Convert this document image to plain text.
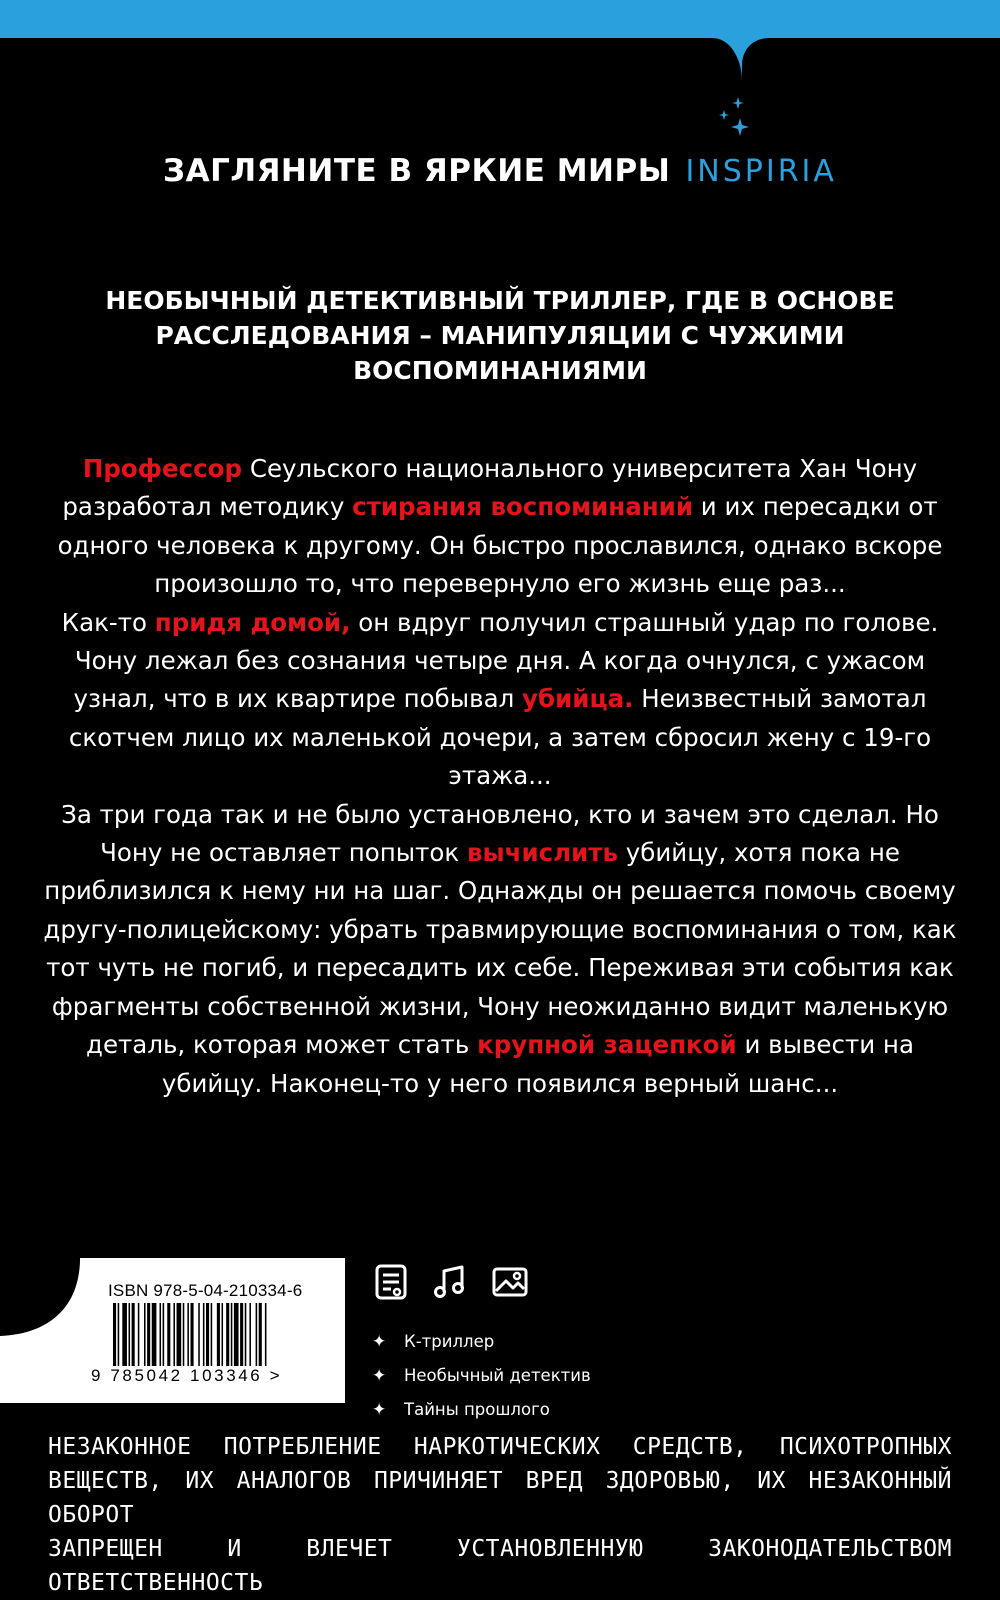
ЗАГЛЯНИТЕ В ЯРКИЕ МИРЫ INSPIRIA
НЕОБЫЧНЫЙ ДЕТЕКТИВНЫЙ ТРИЛЛЕР, ГДЕ В ОСНОВЕ РАССЛЕДОВАНИЯ – МАНИПУЛЯЦИИ С ЧУЖИМИ ВОСПОМИНАНИЯМИ
Профессор Сеульского национального университета Хан Чону разработал методику стирания воспоминаний и их пересадки от одного человека к другому. Он быстро прославился, однако вскоре произошло то, что перевернуло его жизнь еще раз...
Как-то придя домой, он вдруг получил страшный удар по голове. Чону лежал без сознания четыре дня. А когда очнулся, с ужасом узнал, что в их квартире побывал убийца. Неизвестный замотал скотчем лицо их маленькой дочери, а затем сбросил жену с 19-го этажа...
За три года так и не было установлено, кто и зачем это сделал. Но Чону не оставляет попыток вычислить убийцу, хотя пока не приблизился к нему ни на шаг. Однажды он решается помочь своему другу-полицейскому: убрать травмирующие воспоминания о том, как тот чуть не погиб, и пересадить их себе. Переживая эти события как фрагменты собственной жизни, Чону неожиданно видит маленькую деталь, которая может стать крупной зацепкой и вывести на убийцу. Наконец-то у него появился верный шанс...
ISBN 978-5-04-210334-6
9 785042 103346 >
✦ К-триллер
✦ Необычный детектив
✦ Тайны прошлого
НЕЗАКОННОЕ ПОТРЕБЛЕНИЕ НАРКОТИЧЕСКИХ СРЕДСТВ, ПСИХОТРОПНЫХ
ВЕЩЕСТВ, ИХ АНАЛОГОВ ПРИЧИНЯЕТ ВРЕД ЗДОРОВЬЮ, ИХ НЕЗАКОННЫЙ ОБОРОТ
ЗАПРЕЩЕН И ВЛЕЧЕТ УСТАНОВЛЕННУЮ ЗАКОНОДАТЕЛЬСТВОМ ОТВЕТСТВЕННОСТЬ
